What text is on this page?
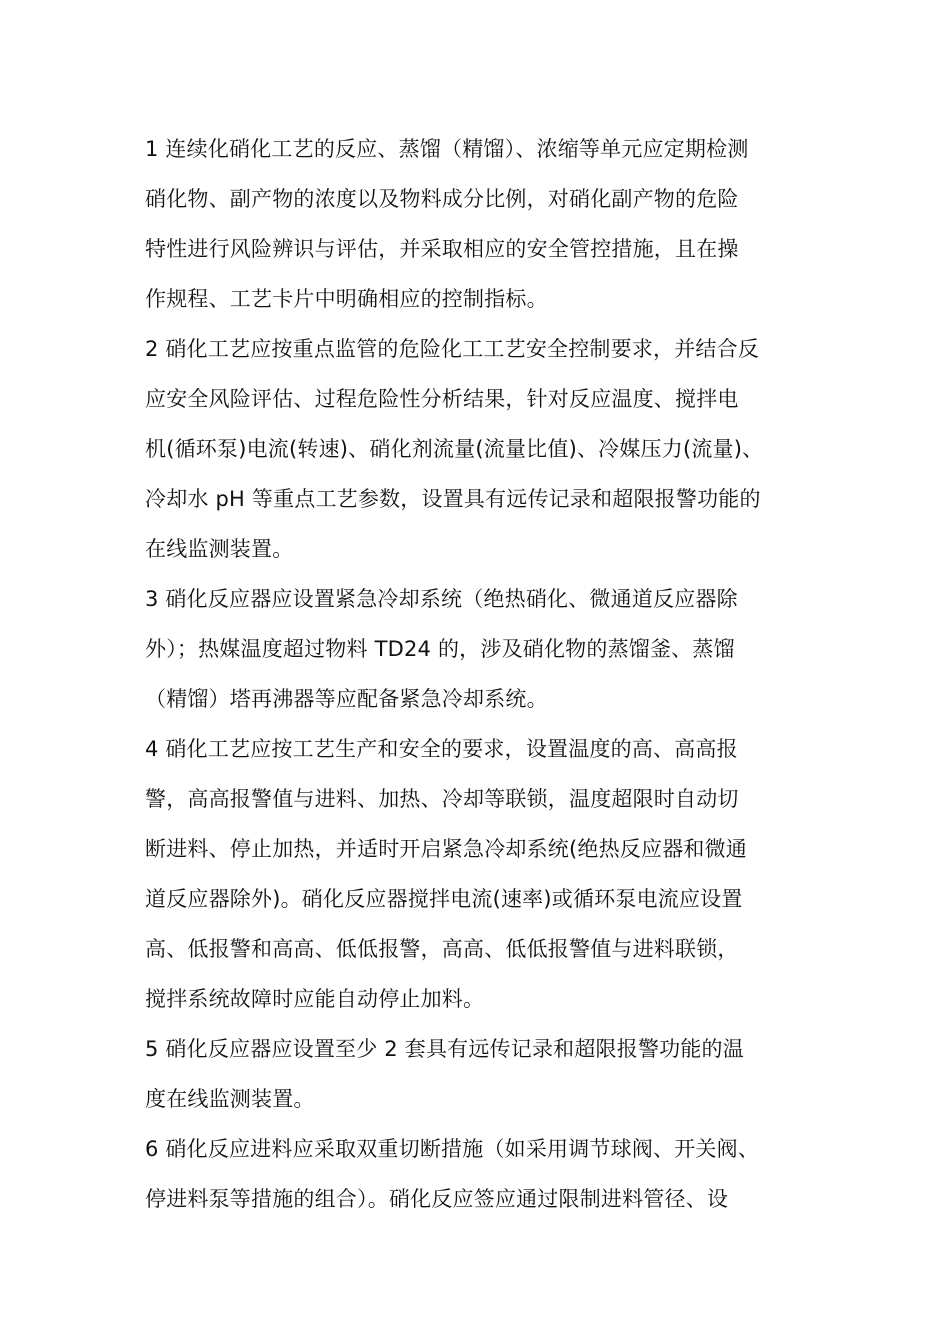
1 连续化硝化工艺的反应、蒸馏（精馏）、浓缩等单元应定期检测
硝化物、副产物的浓度以及物料成分比例，对硝化副产物的危险
特性进行风险辨识与评估，并采取相应的安全管控措施，且在操
作规程、工艺卡片中明确相应的控制指标。
2 硝化工艺应按重点监管的危险化工工艺安全控制要求，并结合反
应安全风险评估、过程危险性分析结果，针对反应温度、搅拌电
机(循环泵)电流(转速)、硝化剂流量(流量比值)、冷媒压力(流量)、
冷却水 pH 等重点工艺参数，设置具有远传记录和超限报警功能的
在线监测装置。
3 硝化反应器应设置紧急冷却系统（绝热硝化、微通道反应器除
外）；热媒温度超过物料 TD24 的，涉及硝化物的蒸馏釜、蒸馏
（精馏）塔再沸器等应配备紧急冷却系统。
4 硝化工艺应按工艺生产和安全的要求，设置温度的高、高高报
警，高高报警值与进料、加热、冷却等联锁，温度超限时自动切
断进料、停止加热，并适时开启紧急冷却系统(绝热反应器和微通
道反应器除外)。硝化反应器搅拌电流(速率)或循环泵电流应设置
高、低报警和高高、低低报警，高高、低低报警值与进料联锁，
搅拌系统故障时应能自动停止加料。
5 硝化反应器应设置至少 2 套具有远传记录和超限报警功能的温
度在线监测装置。
6 硝化反应进料应采取双重切断措施（如采用调节球阀、开关阀、
停进料泵等措施的组合）。硝化反应签应通过限制进料管径、设
